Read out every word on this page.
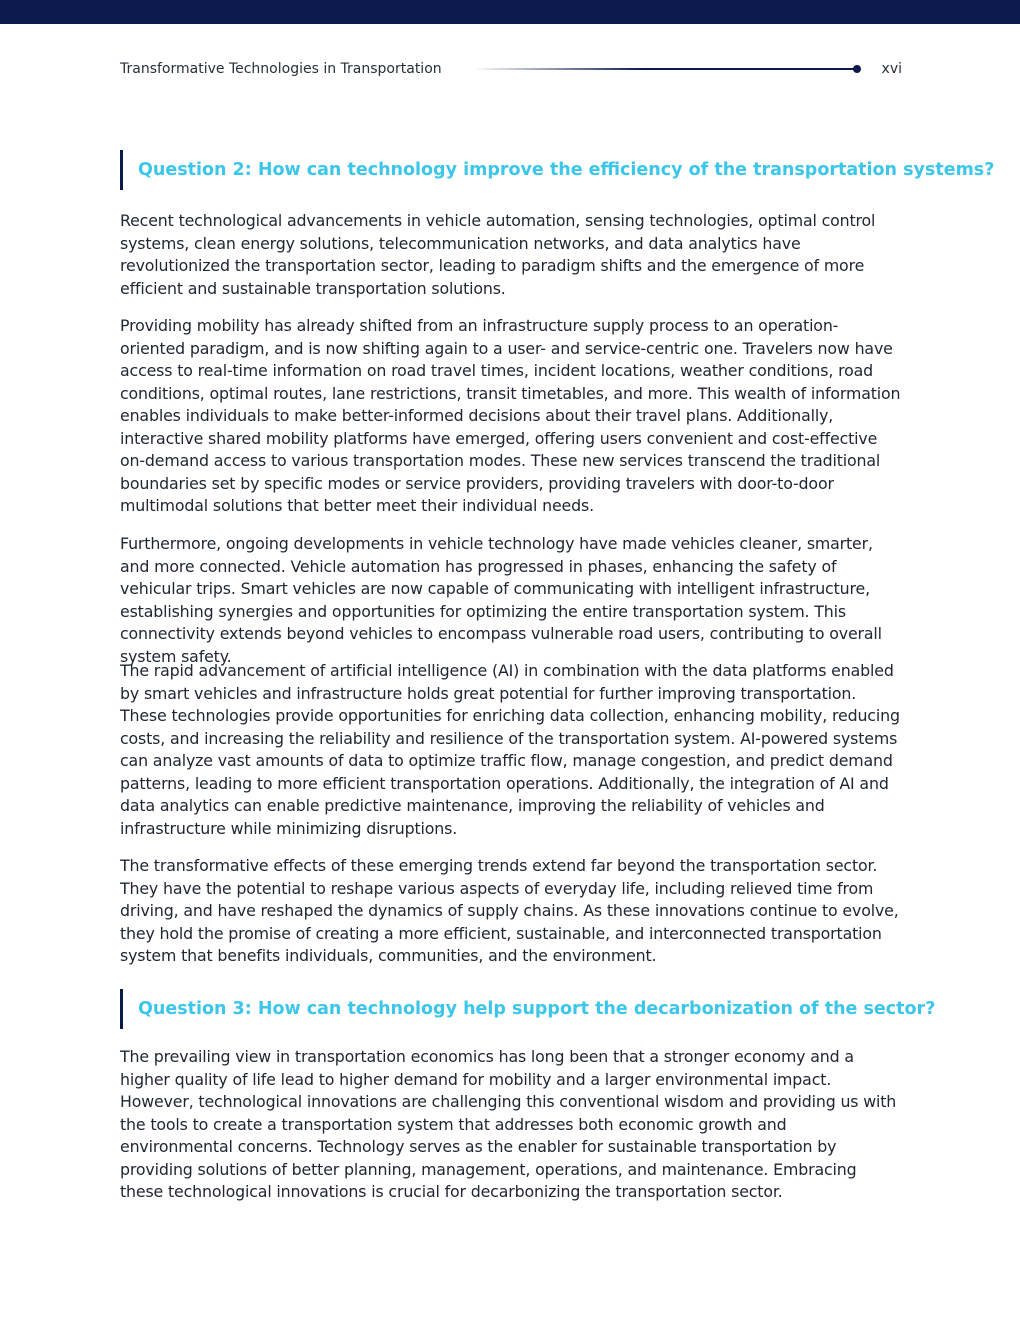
Transformative Technologies in Transportation	xvi
Question 2: How can technology improve the efficiency of the transportation systems?

Recent technological advancements in vehicle automation, sensing technologies, optimal control systems, clean energy solutions, telecommunication networks, and data analytics have revolutionized the transportation sector, leading to paradigm shifts and the emergence of more efficient and sustainable transportation solutions.

Providing mobility has already shifted from an infrastructure supply process to an operation-oriented paradigm, and is now shifting again to a user- and service-centric one. Travelers now have access to real-time information on road travel times, incident locations, weather conditions, road conditions, optimal routes, lane restrictions, transit timetables, and more. This wealth of information enables individuals to make better-informed decisions about their travel plans. Additionally, interactive shared mobility platforms have emerged, offering users convenient and cost-effective on-demand access to various transportation modes. These new services transcend the traditional boundaries set by specific modes or service providers, providing travelers with door-to-door multimodal solutions that better meet their individual needs.

Furthermore, ongoing developments in vehicle technology have made vehicles cleaner, smarter, and more connected. Vehicle automation has progressed in phases, enhancing the safety of vehicular trips. Smart vehicles are now capable of communicating with intelligent infrastructure, establishing synergies and opportunities for optimizing the entire transportation system. This connectivity extends beyond vehicles to encompass vulnerable road users, contributing to overall system safety.

The rapid advancement of artificial intelligence (AI) in combination with the data platforms enabled by smart vehicles and infrastructure holds great potential for further improving transportation. These technologies provide opportunities for enriching data collection, enhancing mobility, reducing costs, and increasing the reliability and resilience of the transportation system. AI-powered systems can analyze vast amounts of data to optimize traffic flow, manage congestion, and predict demand patterns, leading to more efficient transportation operations. Additionally, the integration of AI and data analytics can enable predictive maintenance, improving the reliability of vehicles and infrastructure while minimizing disruptions.

The transformative effects of these emerging trends extend far beyond the transportation sector. They have the potential to reshape various aspects of everyday life, including relieved time from driving, and have reshaped the dynamics of supply chains. As these innovations continue to evolve, they hold the promise of creating a more efficient, sustainable, and interconnected transportation system that benefits individuals, communities, and the environment.

Question 3: How can technology help support the decarbonization of the sector?

The prevailing view in transportation economics has long been that a stronger economy and a higher quality of life lead to higher demand for mobility and a larger environmental impact. However, technological innovations are challenging this conventional wisdom and providing us with the tools to create a transportation system that addresses both economic growth and environmental concerns. Technology serves as the enabler for sustainable transportation by providing solutions of better planning, management, operations, and maintenance. Embracing these technological innovations is crucial for decarbonizing the transportation sector.
